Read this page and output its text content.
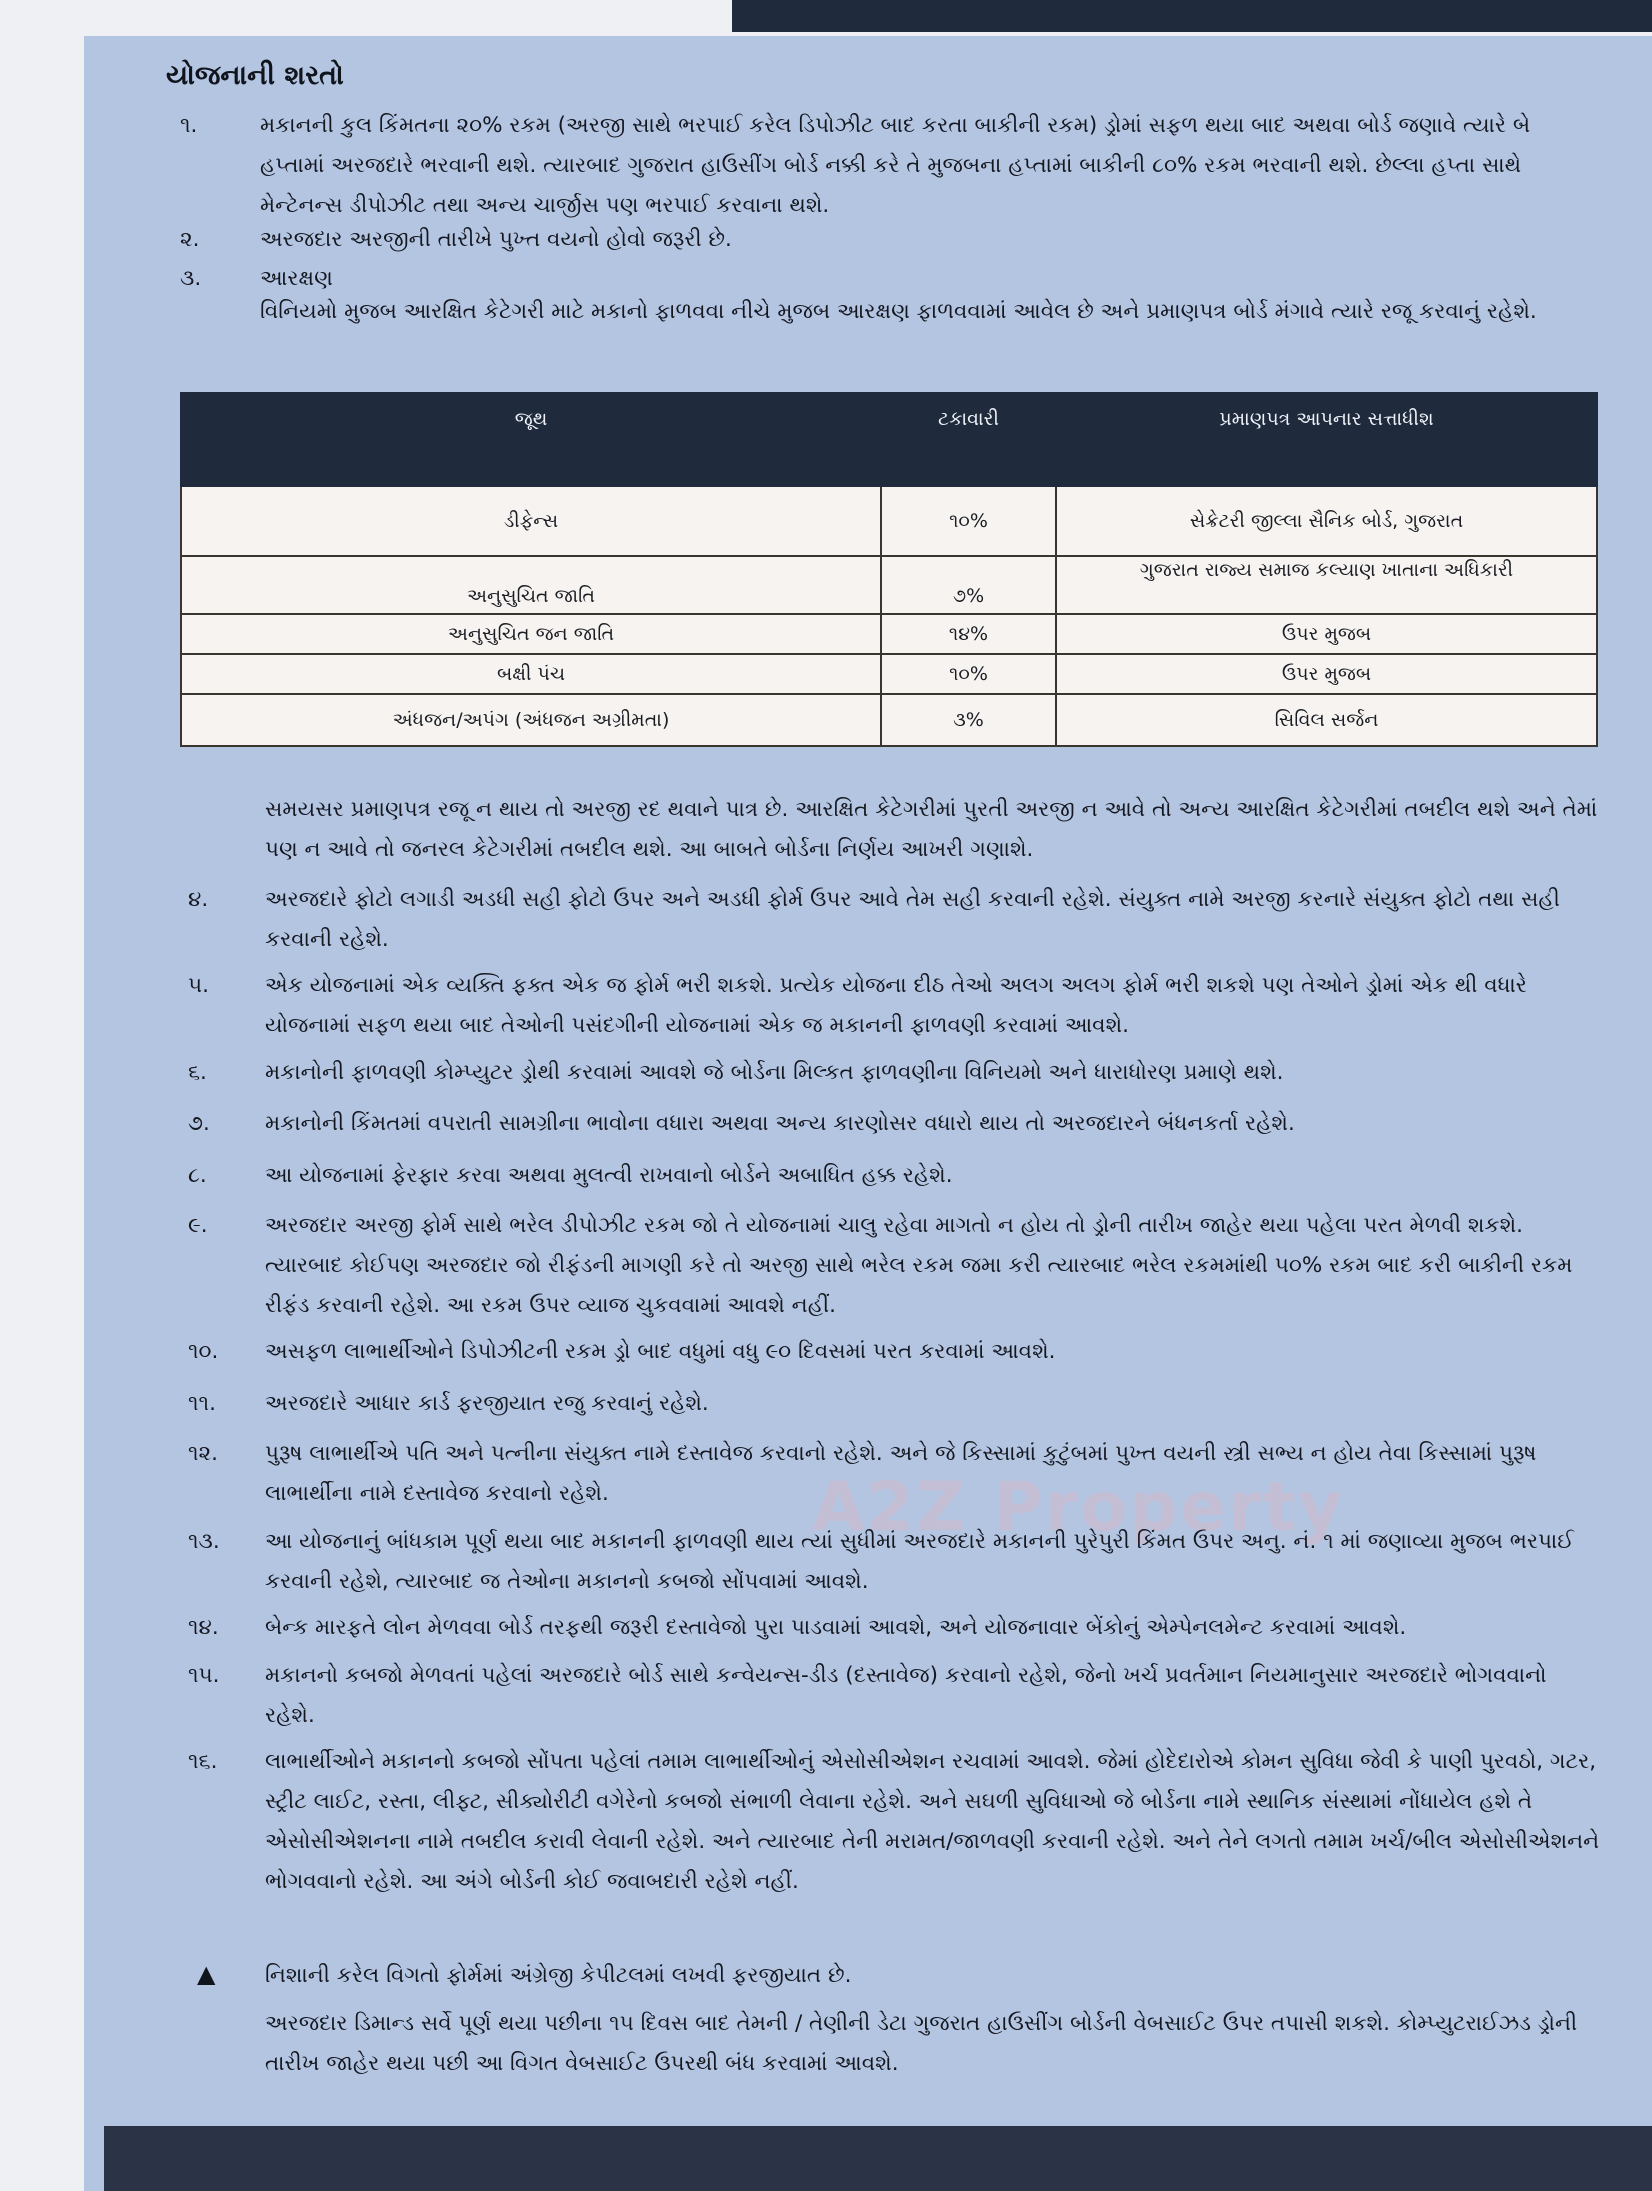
A2Z Property
યોજનાની શરતો
૧.	મકાનની કુલ કિંમતના ૨૦% રકમ (અરજી સાથે ભરપાઈ કરેલ ડિપોઝીટ બાદ કરતા બાકીની રકમ) ડ્રોમાં સફળ થયા બાદ અથવા બોર્ડ જણાવે ત્યારે બે હપ્તામાં અરજદારે ભરવાની થશે. ત્યારબાદ ગુજરાત હાઉસીંગ બોર્ડ નક્કી કરે તે મુજબના હપ્તામાં બાકીની ૮૦% રકમ ભરવાની થશે. છેલ્લા હપ્તા સાથે મેન્ટેનન્સ ડીપોઝીટ તથા અન્ય ચાર્જીસ પણ ભરપાઈ કરવાના થશે.
૨.	અરજદાર અરજીની તારીખે પુખ્ત વયનો હોવો જરૂરી છે.
૩.	આરક્ષણ
વિનિયમો મુજબ આરક્ષિત કેટેગરી માટે મકાનો ફાળવવા નીચે મુજબ આરક્ષણ ફાળવવામાં આવેલ છે અને પ્રમાણપત્ર બોર્ડ મંગાવે ત્યારે રજૂ કરવાનું રહેશે.
જૂથ	ટકાવારી	પ્રમાણપત્ર આપનાર સત્તાધીશ
ડીફેન્સ	૧૦%	સેક્રેટરી જીલ્લા સૈનિક બોર્ડ, ગુજરાત
અનુસુચિત જાતિ	૭%	ગુજરાત રાજ્ય સમાજ કલ્યાણ ખાતાના અધિકારી
અનુસુચિત જન જાતિ	૧૪%	ઉપર મુજબ
બક્ષી પંચ	૧૦%	ઉપર મુજબ
અંધજન/અપંગ (અંધજન અગ્રીમતા)	૩%	સિવિલ સર્જન
સમયસર પ્રમાણપત્ર રજૂ ન થાય તો અરજી રદ થવાને પાત્ર છે. આરક્ષિત કેટેગરીમાં પુરતી અરજી ન આવે તો અન્ય આરક્ષિત કેટેગરીમાં તબદીલ થશે અને તેમાં પણ ન આવે તો જનરલ કેટેગરીમાં તબદીલ થશે. આ બાબતે બોર્ડના નિર્ણય આખરી ગણાશે.
૪.	અરજદારે ફોટો લગાડી અડધી સહી ફોટો ઉપર અને અડધી ફોર્મ ઉપર આવે તેમ સહી કરવાની રહેશે. સંયુક્ત નામે અરજી કરનારે સંયુક્ત ફોટો તથા સહી કરવાની રહેશે.
૫.	એક યોજનામાં એક વ્યક્તિ ફક્ત એક જ ફોર્મ ભરી શકશે. પ્રત્યેક યોજના દીઠ તેઓ અલગ અલગ ફોર્મ ભરી શકશે પણ તેઓને ડ્રોમાં એક થી વધારે યોજનામાં સફળ થયા બાદ તેઓની પસંદગીની યોજનામાં એક જ મકાનની ફાળવણી કરવામાં આવશે.
૬.	મકાનોની ફાળવણી કોમ્પ્યુટર ડ્રોથી કરવામાં આવશે જે બોર્ડના મિલ્કત ફાળવણીના વિનિયમો અને ધારાધોરણ પ્રમાણે થશે.
૭.	મકાનોની કિંમતમાં વપરાતી સામગ્રીના ભાવોના વધારા અથવા અન્ય કારણોસર વધારો થાય તો અરજદારને બંધનકર્તા રહેશે.
૮.	આ યોજનામાં ફેરફાર કરવા અથવા મુલત્વી રાખવાનો બોર્ડને અબાધિત હક્ક રહેશે.
૯.	અરજદાર અરજી ફોર્મ સાથે ભરેલ ડીપોઝીટ રકમ જો તે યોજનામાં ચાલુ રહેવા માગતો ન હોય તો ડ્રોની તારીખ જાહેર થયા પહેલા પરત મેળવી શકશે. ત્યારબાદ કોઈપણ અરજદાર જો રીફંડની માગણી કરે તો અરજી સાથે ભરેલ રકમ જમા કરી ત્યારબાદ ભરેલ રકમમાંથી ૫૦% રકમ બાદ કરી બાકીની રકમ રીફંડ કરવાની રહેશે. આ રકમ ઉપર વ્યાજ ચુકવવામાં આવશે નહીં.
૧૦. અસફળ લાભાર્થીઓને ડિપોઝીટની રકમ ડ્રો બાદ વધુમાં વધુ ૯૦ દિવસમાં પરત કરવામાં આવશે.
૧૧. અરજદારે આધાર કાર્ડ ફરજીયાત રજુ કરવાનું રહેશે.
૧૨. પુરૂષ લાભાર્થીએ પતિ અને પત્નીના સંયુક્ત નામે દસ્તાવેજ કરવાનો રહેશે. અને જે કિસ્સામાં કુટુંબમાં પુખ્ત વયની સ્ત્રી સભ્ય ન હોય તેવા કિસ્સામાં પુરૂષ લાભાર્થીના નામે દસ્તાવેજ કરવાનો રહેશે.
૧૩. આ યોજનાનું બાંધકામ પૂર્ણ થયા બાદ મકાનની ફાળવણી થાય ત્યાં સુધીમાં અરજદારે મકાનની પુરેપુરી કિંમત ઉપર અનુ. નં. ૧ માં જણાવ્યા મુજબ ભરપાઈ કરવાની રહેશે, ત્યારબાદ જ તેઓના મકાનનો કબજો સોંપવામાં આવશે.
૧૪. બેન્ક મારફતે લોન મેળવવા બોર્ડ તરફથી જરૂરી દસ્તાવેજો પુરા પાડવામાં આવશે, અને યોજનાવાર બેંકોનું એમ્પેનલમેન્ટ કરવામાં આવશે.
૧૫. મકાનનો કબજો મેળવતાં પહેલાં અરજદારે બોર્ડ સાથે કન્વેયન્સ-ડીડ (દસ્તાવેજ) કરવાનો રહેશે, જેનો ખર્ચ પ્રવર્તમાન નિયમાનુસાર અરજદારે ભોગવવાનો રહેશે.
૧૬. લાભાર્થીઓને મકાનનો કબજો સોંપતા પહેલાં તમામ લાભાર્થીઓનું એસોસીએશન રચવામાં આવશે. જેમાં હોદેદારોએ કોમન સુવિધા જેવી કે પાણી પુરવઠો, ગટર, સ્ટ્રીટ લાઈટ, રસ્તા, લીફ્ટ, સીક્યોરીટી વગેરેનો કબજો સંભાળી લેવાના રહેશે. અને સઘળી સુવિધાઓ જે બોર્ડના નામે સ્થાનિક સંસ્થામાં નોંધાયેલ હશે તે એસોસીએશનના નામે તબદીલ કરાવી લેવાની રહેશે. અને ત્યારબાદ તેની મરામત/જાળવણી કરવાની રહેશે. અને તેને લગતો તમામ ખર્ચ/બીલ એસોસીએશનને ભોગવવાનો રહેશે. આ અંગે બોર્ડની કોઈ જવાબદારી રહેશે નહીં.
▲ નિશાની કરેલ વિગતો ફોર્મમાં અંગ્રેજી કેપીટલમાં લખવી ફરજીયાત છે.
અરજદાર ડિમાન્ડ સર્વે પૂર્ણ થયા પછીના ૧૫ દિવસ બાદ તેમની / તેણીની ડેટા ગુજરાત હાઉસીંગ બોર્ડની વેબસાઈટ ઉપર તપાસી શકશે. કોમ્પ્યુટરાઈઝડ ડ્રોની તારીખ જાહેર થયા પછી આ વિગત વેબસાઈટ ઉપરથી બંધ કરવામાં આવશે.
